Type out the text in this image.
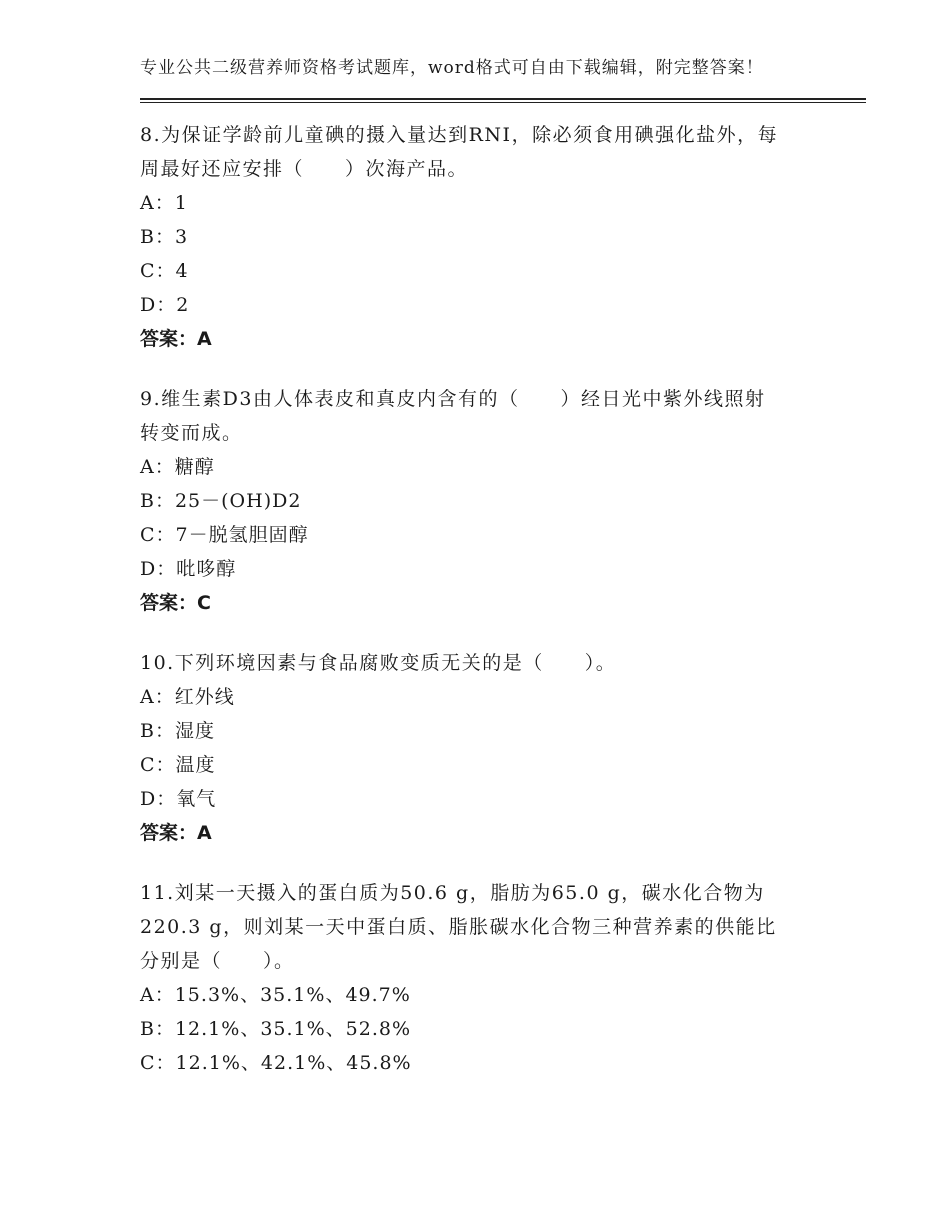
专业公共二级营养师资格考试题库，word格式可自由下载编辑，附完整答案！
8.为保证学龄前儿童碘的摄入量达到RNI，除必须食用碘强化盐外，每
周最好还应安排（　　）次海产品。
A：1
B：3
C：4
D：2
答案：A
9.维生素D3由人体表皮和真皮内含有的（　　）经日光中紫外线照射
转变而成。
A：糖醇
B：25－(OH)D2
C：7－脱氢胆固醇
D：吡哆醇
答案：C
10.下列环境因素与食品腐败变质无关的是（　　）。
A：红外线
B：湿度
C：温度
D：氧气
答案：A
11.刘某一天摄入的蛋白质为50.6 g，脂肪为65.0 g，碳水化合物为
220.3 g，则刘某一天中蛋白质、脂胀碳水化合物三种营养素的供能比
分别是（　　）。
A：15.3%、35.1%、49.7%
B：12.1%、35.1%、52.8%
C：12.1%、42.1%、45.8%
